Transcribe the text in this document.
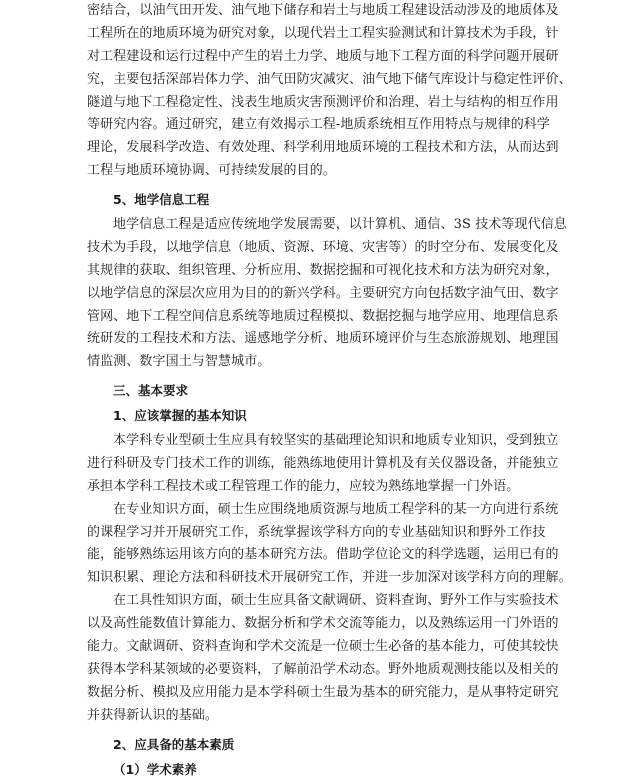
密结合，以油气田开发、油气地下储存和岩土与地质工程建设活动涉及的地质体及
工程所在的地质环境为研究对象，以现代岩土工程实验测试和计算技术为手段，针
对工程建设和运行过程中产生的岩土力学、地质与地下工程方面的科学问题开展研
究，主要包括深部岩体力学、油气田防灾减灾、油气地下储气库设计与稳定性评价、
隧道与地下工程稳定性、浅表生地质灾害预测评价和治理、岩土与结构的相互作用
等研究内容。通过研究，建立有效揭示工程-地质系统相互作用特点与规律的科学
理论，发展科学改造、有效处理、科学利用地质环境的工程技术和方法，从而达到
工程与地质环境协调、可持续发展的目的。
5、地学信息工程
地学信息工程是适应传统地学发展需要，以计算机、通信、3S 技术等现代信息
技术为手段，以地学信息（地质、资源、环境、灾害等）的时空分布、发展变化及
其规律的获取、组织管理、分析应用、数据挖掘和可视化技术和方法为研究对象，
以地学信息的深层次应用为目的的新兴学科。主要研究方向包括数字油气田、数字
管网、地下工程空间信息系统等地质过程模拟、数据挖掘与地学应用、地理信息系
统研发的工程技术和方法、遥感地学分析、地质环境评价与生态旅游规划、地理国
情监测、数字国土与智慧城市。
三、基本要求
1、应该掌握的基本知识
本学科专业型硕士生应具有较坚实的基础理论知识和地质专业知识，受到独立
进行科研及专门技术工作的训练，能熟练地使用计算机及有关仪器设备，并能独立
承担本学科工程技术或工程管理工作的能力，应较为熟练地掌握一门外语。
在专业知识方面，硕士生应围绕地质资源与地质工程学科的某一方向进行系统
的课程学习并开展研究工作，系统掌握该学科方向的专业基础知识和野外工作技
能，能够熟练运用该方向的基本研究方法。借助学位论文的科学选题，运用已有的
知识积累、理论方法和科研技术开展研究工作，并进一步加深对该学科方向的理解。
在工具性知识方面，硕士生应具备文献调研、资料查询、野外工作与实验技术
以及高性能数值计算能力、数据分析和学术交流等能力，以及熟练运用一门外语的
能力。文献调研、资料查询和学术交流是一位硕士生必备的基本能力，可使其较快
获得本学科某领域的必要资料，了解前沿学术动态。野外地质观测技能以及相关的
数据分析、模拟及应用能力是本学科硕士生最为基本的研究能力，是从事特定研究
并获得新认识的基础。
2、应具备的基本素质
（1）学术素养
